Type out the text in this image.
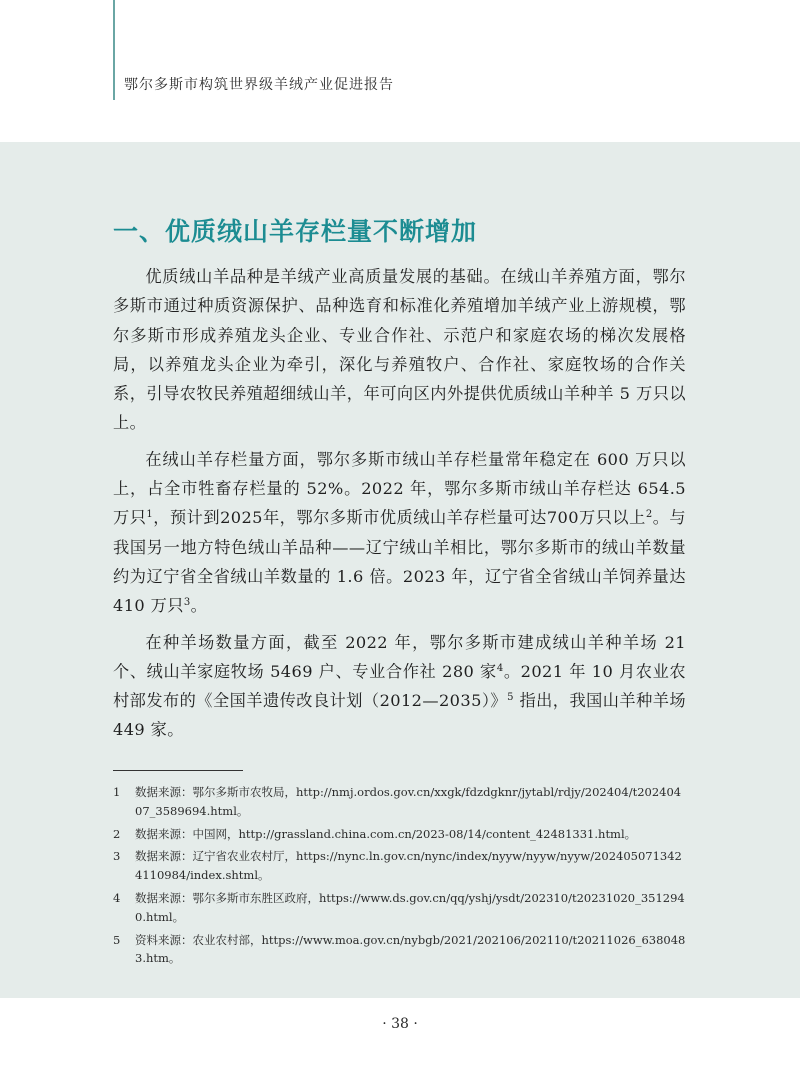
鄂尔多斯市构筑世界级羊绒产业促进报告
一、优质绒山羊存栏量不断增加

优质绒山羊品种是羊绒产业高质量发展的基础。在绒山羊养殖方面，鄂尔多斯市通过种质资源保护、品种选育和标准化养殖增加羊绒产业上游规模，鄂尔多斯市形成养殖龙头企业、专业合作社、示范户和家庭农场的梯次发展格局，以养殖龙头企业为牵引，深化与养殖牧户、合作社、家庭牧场的合作关系，引导农牧民养殖超细绒山羊，年可向区内外提供优质绒山羊种羊 5 万只以上。

在绒山羊存栏量方面，鄂尔多斯市绒山羊存栏量常年稳定在 600 万只以上，占全市牲畜存栏量的 52%。2022 年，鄂尔多斯市绒山羊存栏达 654.5 万只$^1$，预计到2025年，鄂尔多斯市优质绒山羊存栏量可达700万只以上$^2$。与我国另一地方特色绒山羊品种——辽宁绒山羊相比，鄂尔多斯市的绒山羊数量约为辽宁省全省绒山羊数量的 1.6 倍。2023 年，辽宁省全省绒山羊饲养量达 410 万只$^3$。

在种羊场数量方面，截至 2022 年，鄂尔多斯市建成绒山羊种羊场 21 个、绒山羊家庭牧场 5469 户、专业合作社 280 家$^4$。2021 年 10 月农业农村部发布的《全国羊遗传改良计划（2012—2035）》$^5$ 指出，我国山羊种羊场 449 家。

1	数据来源：鄂尔多斯市农牧局，http://nmj.ordos.gov.cn/xxgk/fdzdgknr/jytabl/rdjy/202404/t20240407_3589694.html。
2	数据来源：中国网，http://grassland.china.com.cn/2023-08/14/content_42481331.html。
3	数据来源：辽宁省农业农村厅，https://nync.ln.gov.cn/nync/index/nyyw/nyyw/nyyw/2024050713424110984/index.shtml。
4	数据来源：鄂尔多斯市东胜区政府，https://www.ds.gov.cn/qq/yshj/ysdt/202310/t20231020_3512940.html。
5	资料来源：农业农村部，https://www.moa.gov.cn/nybgb/2021/202106/202110/t20211026_6380483.htm。
· 38 ·
